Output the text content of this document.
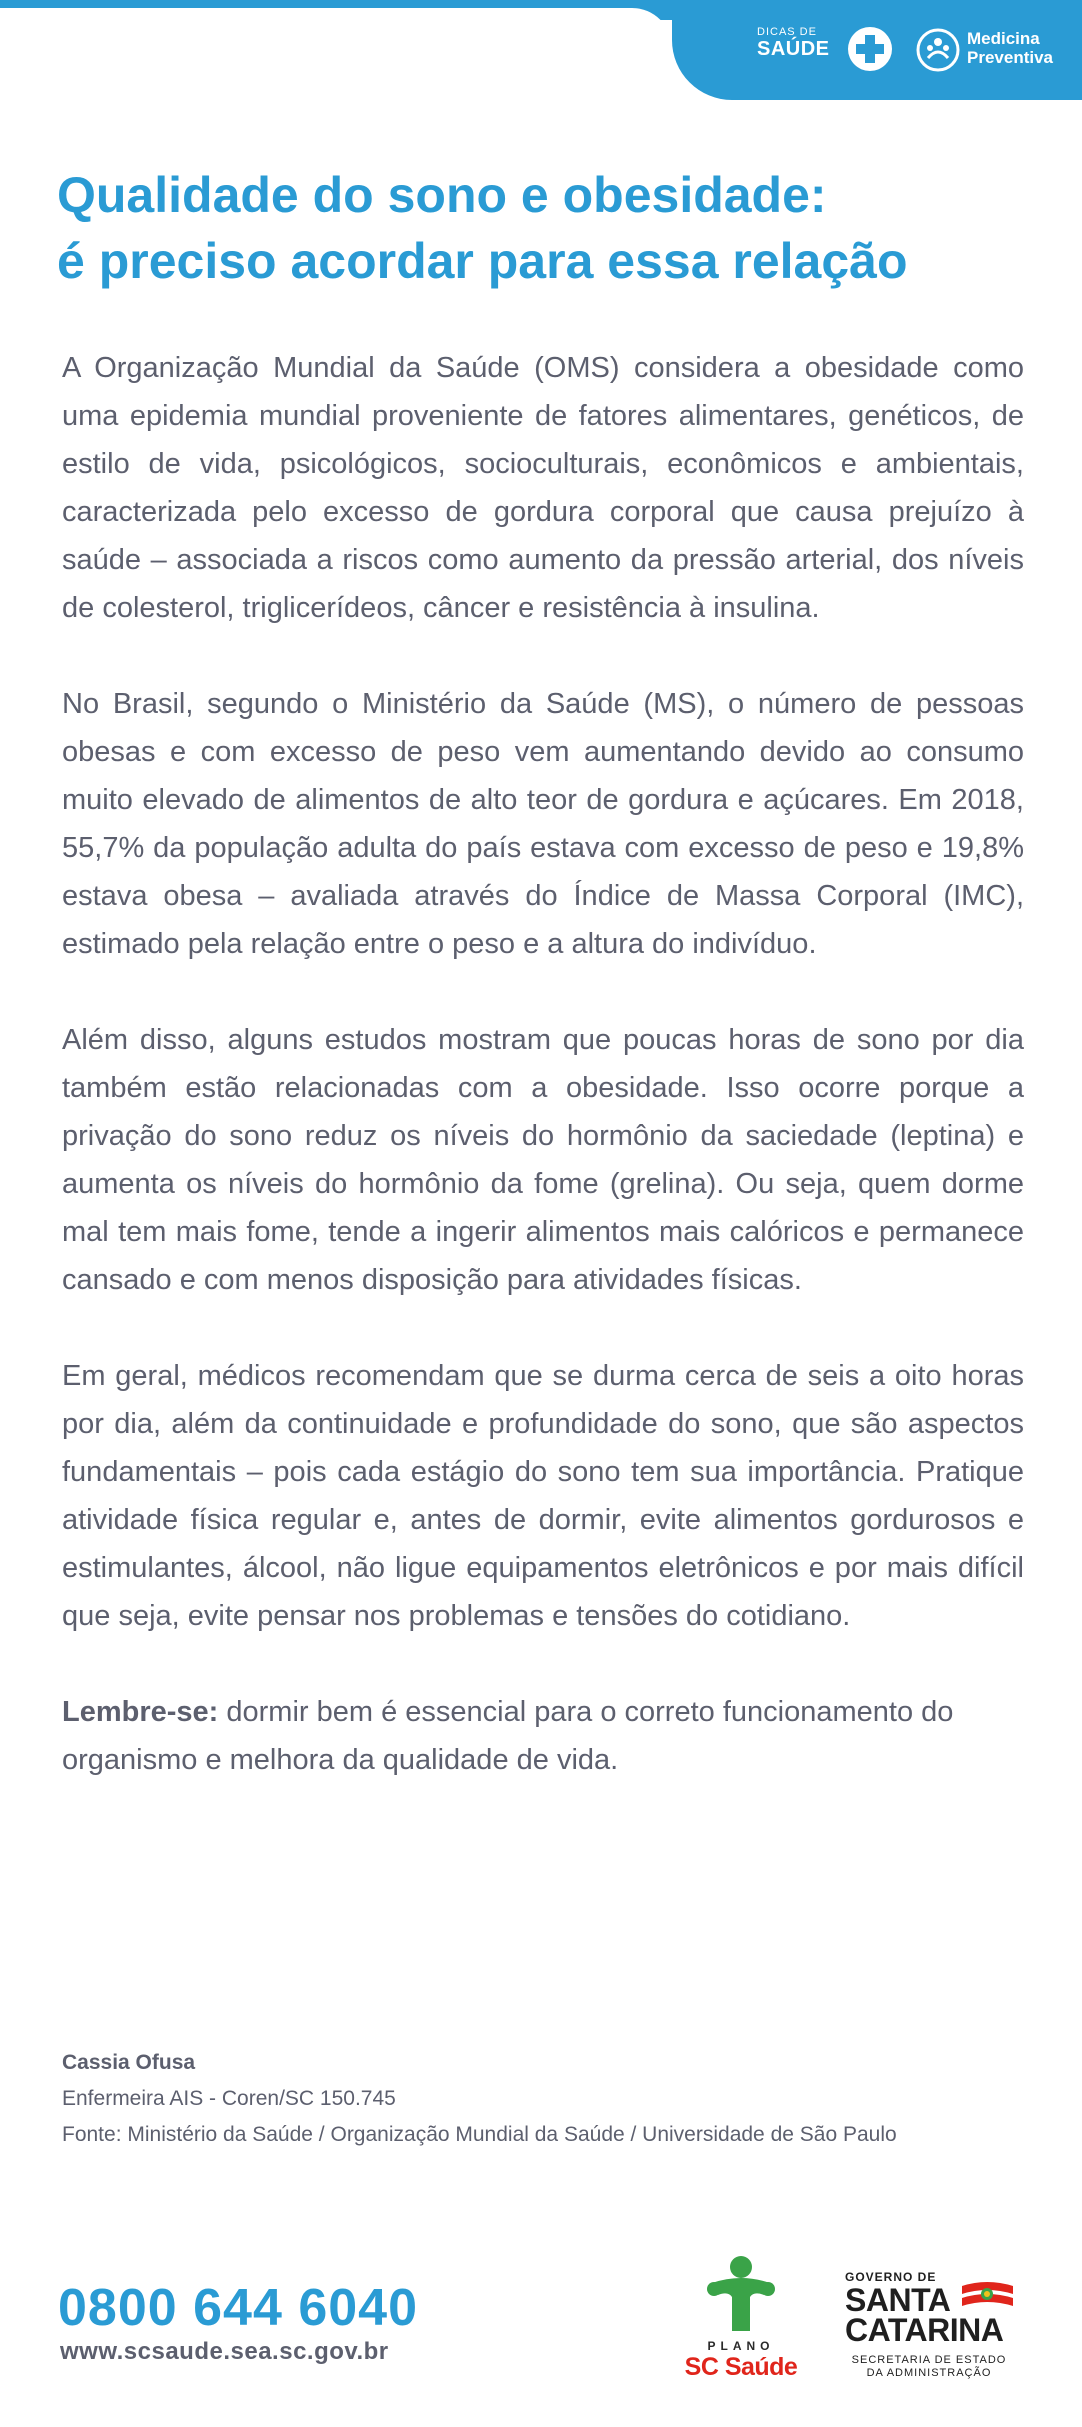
DICAS DE
SAÚDE	Medicina
Preventiva
Qualidade do sono e obesidade:
é preciso acordar para essa relação

A Organização Mundial da Saúde (OMS) considera a obesidade como uma epidemia mundial proveniente de fatores alimentares, genéticos, de estilo de vida, psicológicos, socioculturais, econômicos e ambientais, caracterizada pelo excesso de gordura corporal que causa prejuízo à saúde – associada a riscos como aumento da pressão arterial, dos níveis de colesterol, triglicerídeos, câncer e resistência à insulina.

No Brasil, segundo o Ministério da Saúde (MS), o número de pessoas obesas e com excesso de peso vem aumentando devido ao consumo muito elevado de alimentos de alto teor de gordura e açúcares. Em 2018, 55,7% da população adulta do país estava com excesso de peso e 19,8% estava obesa – avaliada através do Índice de Massa Corporal (IMC), estimado pela relação entre o peso e a altura do indivíduo.

Além disso, alguns estudos mostram que poucas horas de sono por dia também estão relacionadas com a obesidade. Isso ocorre porque a privação do sono reduz os níveis do hormônio da saciedade (leptina) e aumenta os níveis do hormônio da fome (grelina). Ou seja, quem dorme mal tem mais fome, tende a ingerir alimentos mais calóricos e permanece cansado e com menos disposição para atividades físicas.

Em geral, médicos recomendam que se durma cerca de seis a oito horas por dia, além da continuidade e profundidade do sono, que são aspectos fundamentais – pois cada estágio do sono tem sua importância. Pratique atividade física regular e, antes de dormir, evite alimentos gordurosos e estimulantes, álcool, não ligue equipamentos eletrônicos e por mais difícil que seja, evite pensar nos problemas e tensões do cotidiano.

Lembre-se: dormir bem é essencial para o correto funcionamento do organismo e melhora da qualidade de vida.

Cassia Ofusa
Enfermeira AIS - Coren/SC 150.745
Fonte: Ministério da Saúde / Organização Mundial da Saúde / Universidade de São Paulo
0800 644 6040
www.scsaude.sea.sc.gov.br	PLANO
SC Saúde
GOVERNO DE
SANTA
CATARINA
SECRETARIA DE ESTADO
DA ADMINISTRAÇÃO
